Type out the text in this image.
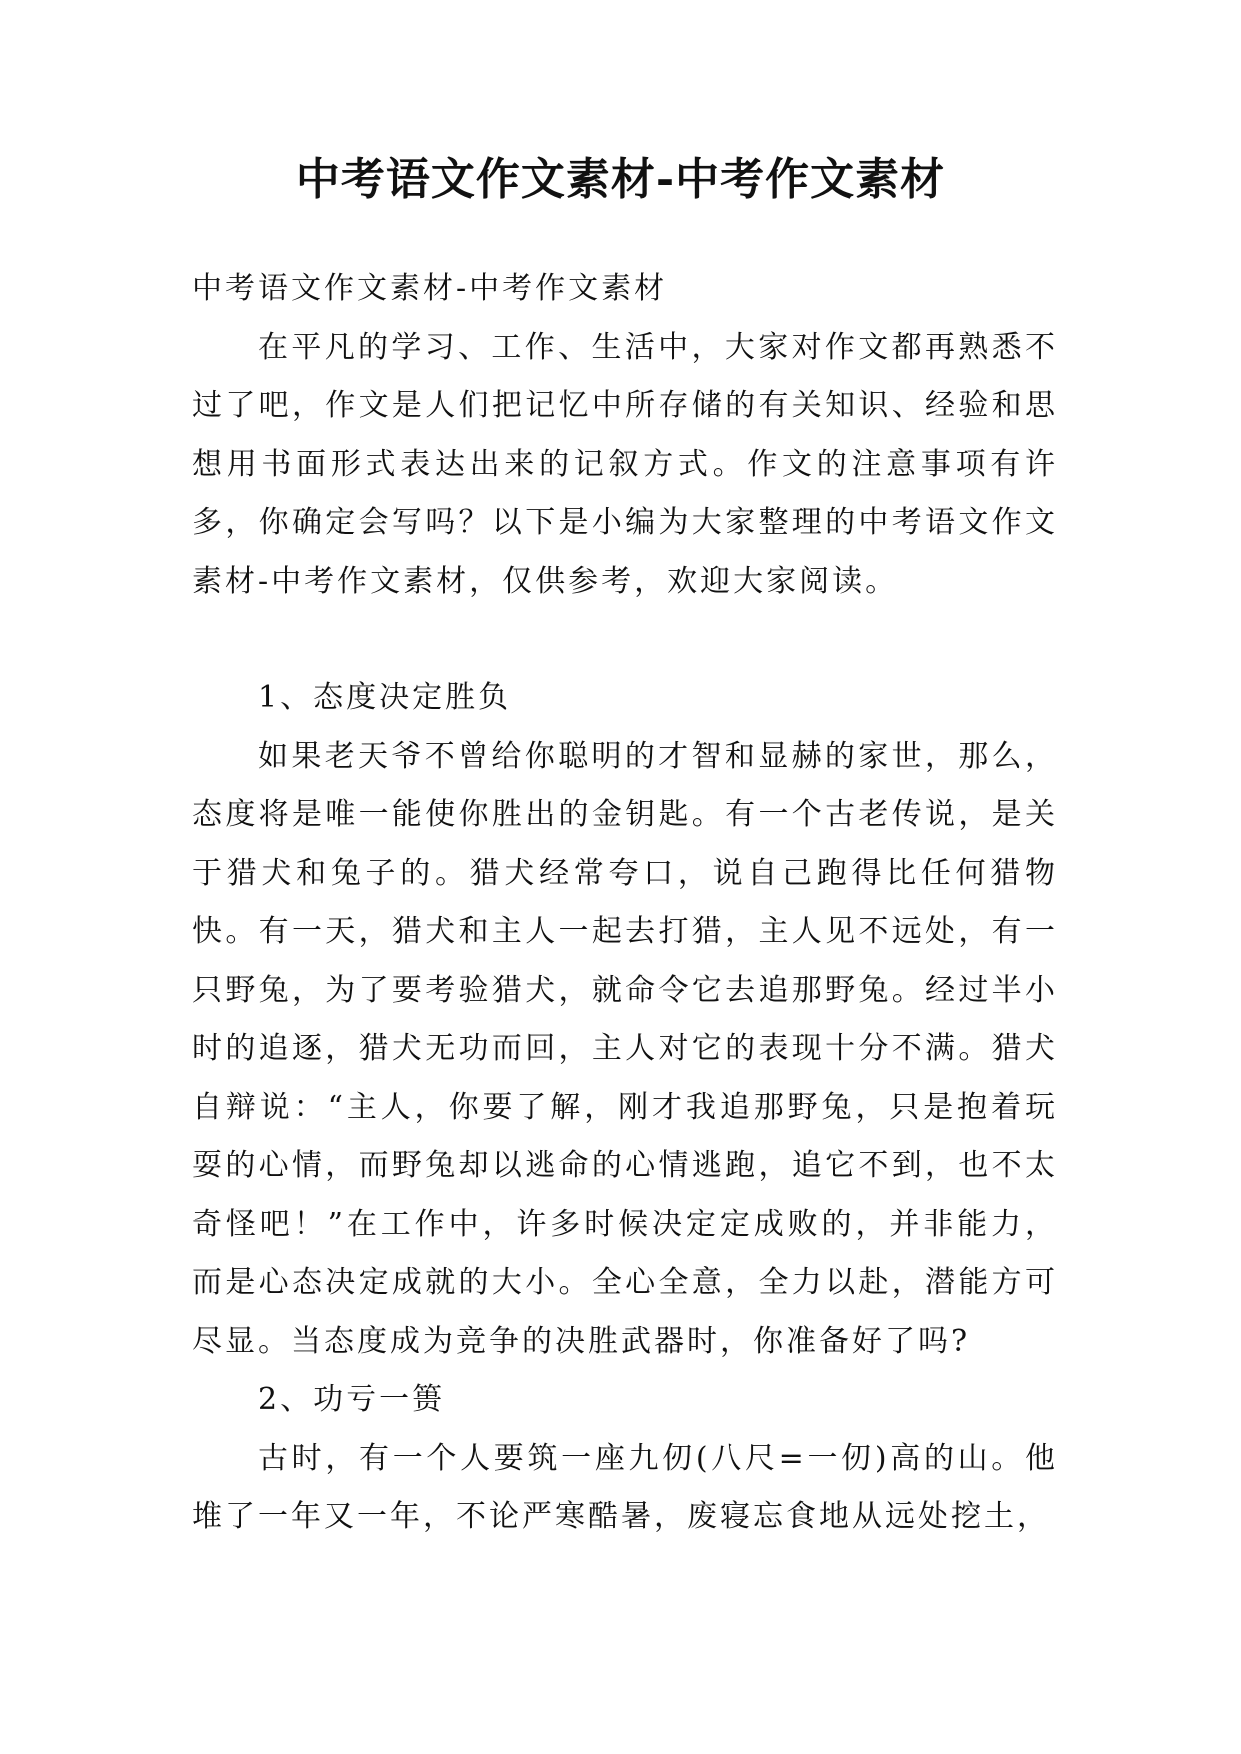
中考语文作文素材-中考作文素材

中考语文作文素材-中考作文素材

在平凡的学习、工作、生活中，大家对作文都再熟悉不过了吧，作文是人们把记忆中所存储的有关知识、经验和思想用书面形式表达出来的记叙方式。作文的注意事项有许多，你确定会写吗？以下是小编为大家整理的中考语文作文素材-中考作文素材，仅供参考，欢迎大家阅读。

1、态度决定胜负

如果老天爷不曾给你聪明的才智和显赫的家世，那么，态度将是唯一能使你胜出的金钥匙。有一个古老传说，是关于猎犬和兔子的。猎犬经常夸口，说自己跑得比任何猎物快。有一天，猎犬和主人一起去打猎，主人见不远处，有一只野兔，为了要考验猎犬，就命令它去追那野兔。经过半小时的追逐，猎犬无功而回，主人对它的表现十分不满。猎犬自辩说：“主人，你要了解，刚才我追那野兔，只是抱着玩耍的心情，而野兔却以逃命的心情逃跑，追它不到，也不太奇怪吧！”在工作中，许多时候决定定成败的，并非能力，而是心态决定成就的大小。全心全意，全力以赴，潜能方可尽显。当态度成为竞争的决胜武器时，你准备好了吗?

2、功亏一篑

古时，有一个人要筑一座九仞(八尺=一仞)高的山。他堆了一年又一年，不论严寒酷暑，废寝忘食地从远处挖土，
